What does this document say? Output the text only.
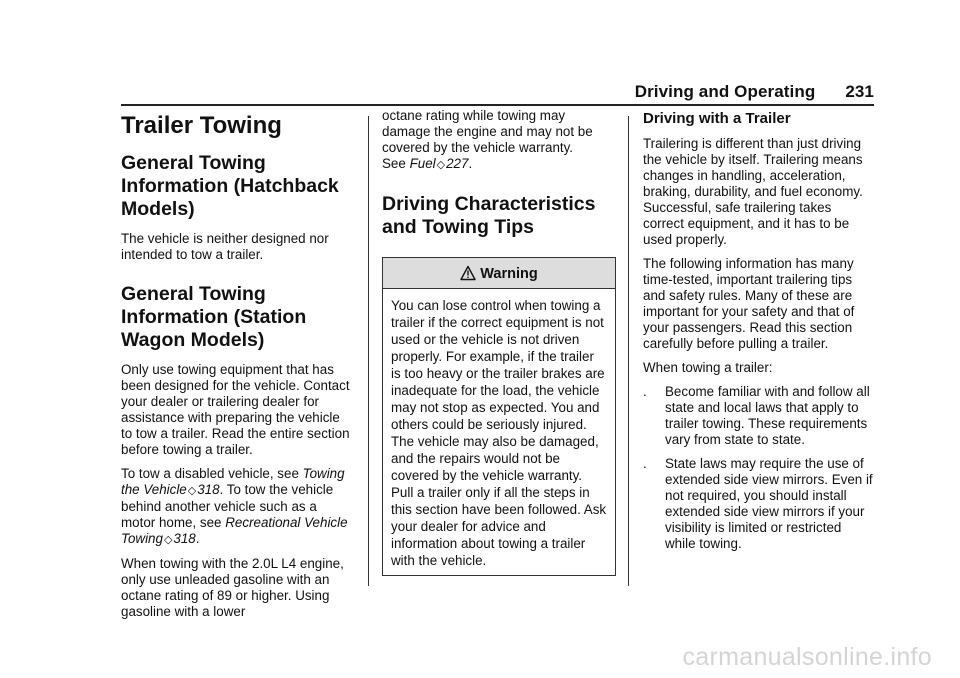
Driving and Operating 231
Trailer Towing
General Towing Information (Hatchback Models)

The vehicle is neither designed nor intended to tow a trailer.

General Towing Information (Station Wagon Models)

Only use towing equipment that has been designed for the vehicle. Contact your dealer or trailering dealer for assistance with preparing the vehicle to tow a trailer. Read the entire section before towing a trailer.

To tow a disabled vehicle, see Towing the Vehicle◇318. To tow the vehicle behind another vehicle such as a motor home, see Recreational Vehicle Towing◇318.

When towing with the 2.0L L4 engine, only use unleaded gasoline with an octane rating of 89 or higher. Using gasoline with a lower

octane rating while towing may damage the engine and may not be covered by the vehicle warranty.
See Fuel◇227.

Driving Characteristics and Towing Tips
Warning
You can lose control when towing a trailer if the correct equipment is not used or the vehicle is not driven properly. For example, if the trailer is too heavy or the trailer brakes are inadequate for the load, the vehicle may not stop as expected. You and others could be seriously injured. The vehicle may also be damaged, and the repairs would not be covered by the vehicle warranty. Pull a trailer only if all the steps in this section have been followed. Ask your dealer for advice and information about towing a trailer with the vehicle.
Driving with a Trailer

Trailering is different than just driving the vehicle by itself. Trailering means changes in handling, acceleration, braking, durability, and fuel economy. Successful, safe trailering takes correct equipment, and it has to be used properly.

The following information has many time-tested, important trailering tips and safety rules. Many of these are important for your safety and that of your passengers. Read this section carefully before pulling a trailer.

When towing a trailer:

. Become familiar with and follow all state and local laws that apply to trailer towing. These requirements vary from state to state.
. State laws may require the use of extended side view mirrors. Even if not required, you should install extended side view mirrors if your visibility is limited or restricted while towing.
carmanualsonline.info
